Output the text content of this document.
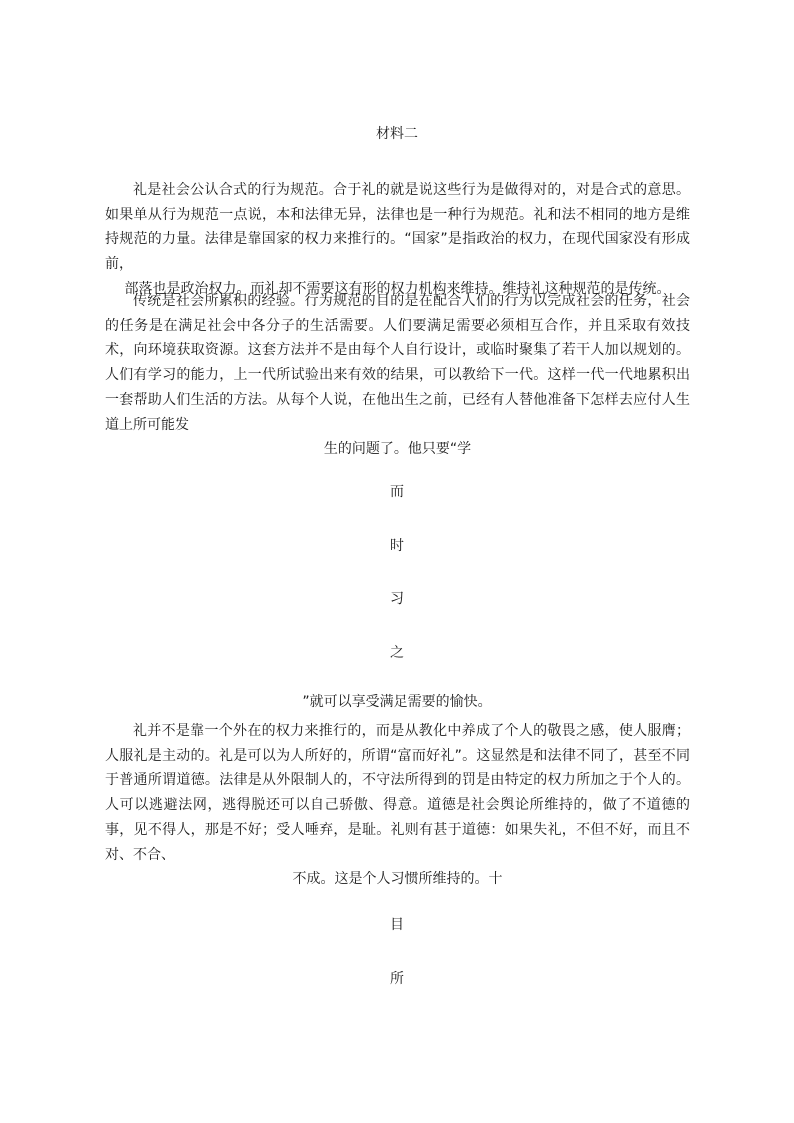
材料二
礼是社会公认合式的行为规范。合于礼的就是说这些行为是做得对的，对是合式的意思。如果单从行为规范一点说，本和法律无异，法律也是一种行为规范。礼和法不相同的地方是维持规范的力量。法律是靠国家的权力来推行的。“国家”是指政治的权力，在现代国家没有形成前，
部落也是政治权力。而礼却不需要这有形的权力机构来维持。维持礼这种规范的是传统。
传统是社会所累积的经验。行为规范的目的是在配合人们的行为以完成社会的任务，社会的任务是在满足社会中各分子的生活需要。人们要满足需要必须相互合作，并且采取有效技术，向环境获取资源。这套方法并不是由每个人自行设计，或临时聚集了若干人加以规划的。人们有学习的能力，上一代所试验出来有效的结果，可以教给下一代。这样一代一代地累积出一套帮助人们生活的方法。从每个人说，在他出生之前，已经有人替他准备下怎样去应付人生道上所可能发
生的问题了。他只要“学
而
时
习
之
”就可以享受满足需要的愉快。
礼并不是靠一个外在的权力来推行的，而是从教化中养成了个人的敬畏之感，使人服膺；人服礼是主动的。礼是可以为人所好的，所谓“富而好礼”。这显然是和法律不同了，甚至不同于普通所谓道德。法律是从外限制人的，不守法所得到的罚是由特定的权力所加之于个人的。人可以逃避法网，逃得脱还可以自己骄傲、得意。道德是社会舆论所维持的，做了不道德的事，见不得人，那是不好；受人唾弃，是耻。礼则有甚于道德：如果失礼，不但不好，而且不对、不合、
不成。这是个人习惯所维持的。十
目
所
